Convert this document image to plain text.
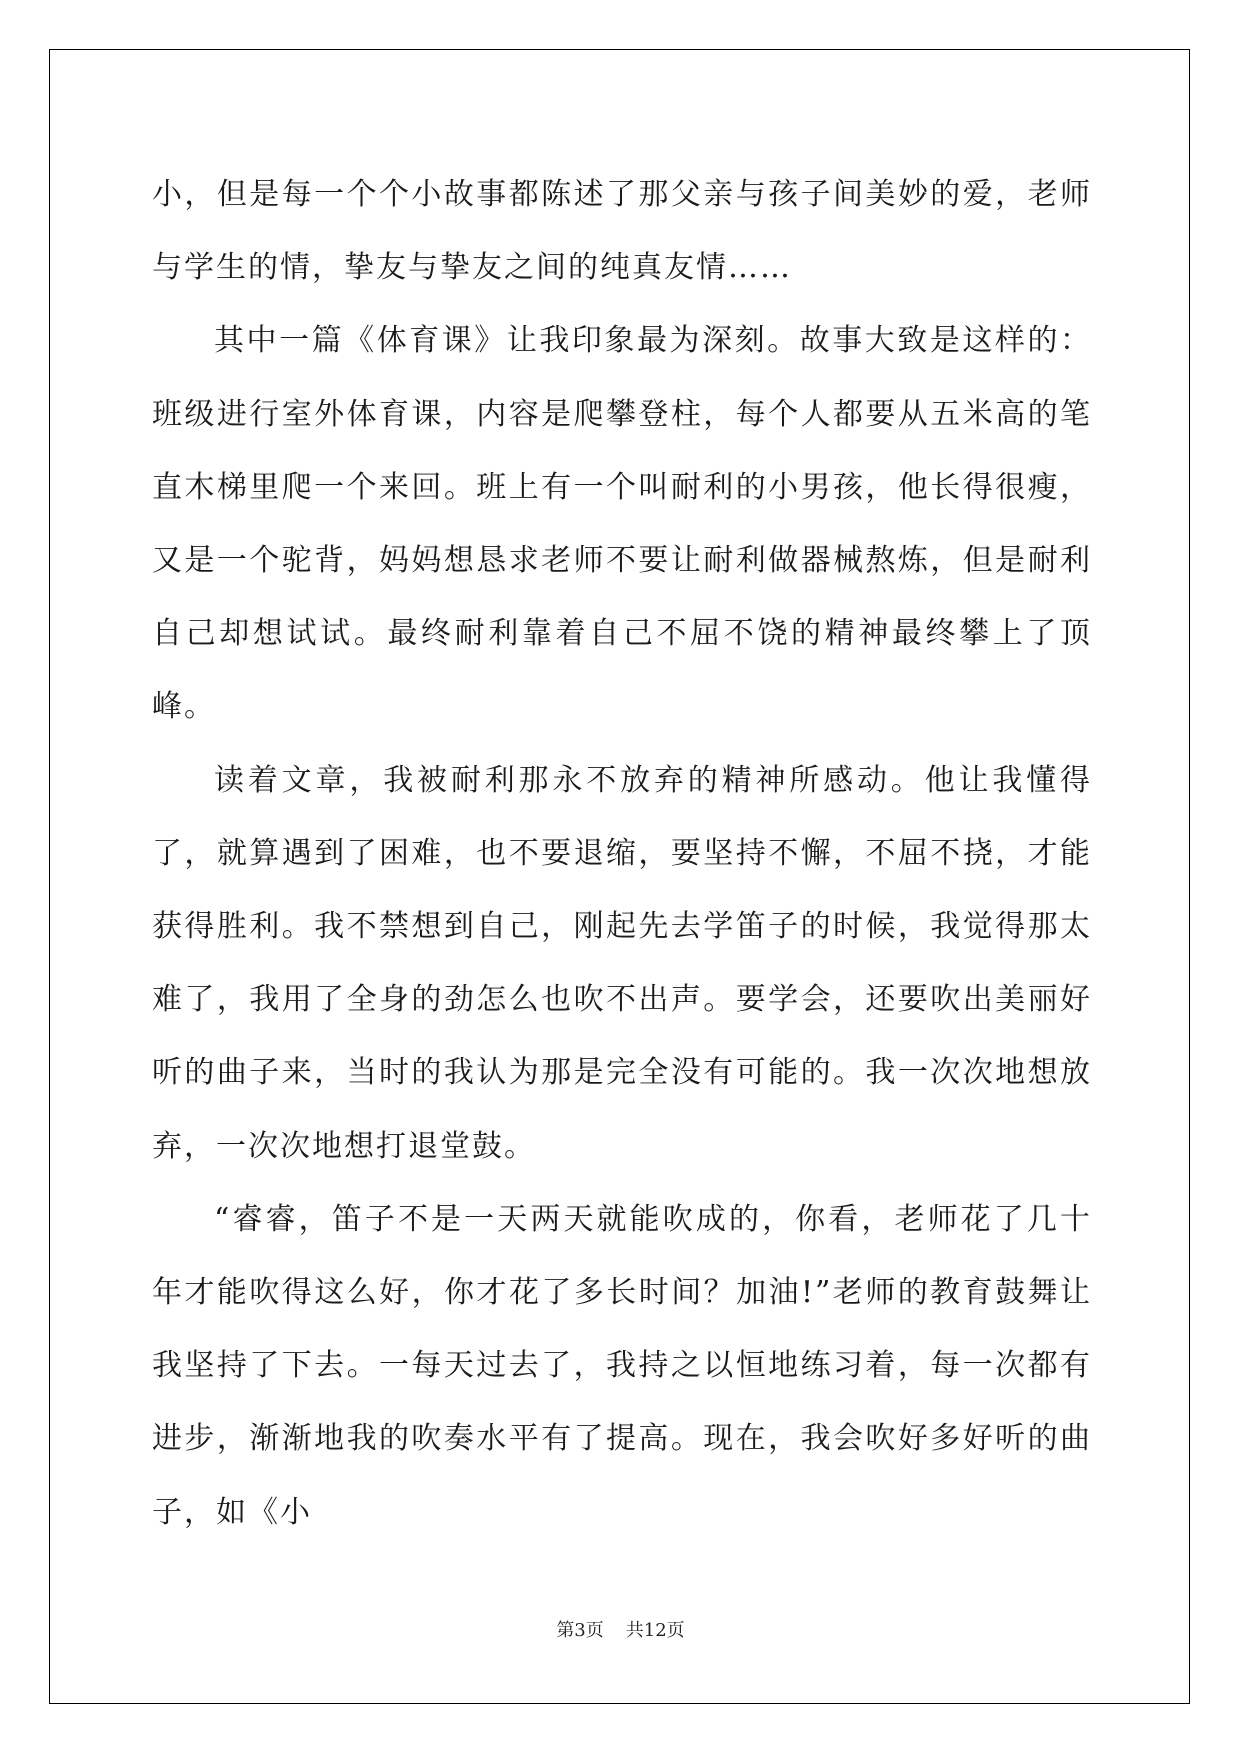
小，但是每一个个小故事都陈述了那父亲与孩子间美妙的爱，老师与学生的情，挚友与挚友之间的纯真友情……

其中一篇《体育课》让我印象最为深刻。故事大致是这样的：班级进行室外体育课，内容是爬攀登柱，每个人都要从五米高的笔直木梯里爬一个来回。班上有一个叫耐利的小男孩，他长得很瘦，又是一个驼背，妈妈想恳求老师不要让耐利做器械熬炼，但是耐利自己却想试试。最终耐利靠着自己不屈不饶的精神最终攀上了顶峰。

读着文章，我被耐利那永不放弃的精神所感动。他让我懂得了，就算遇到了困难，也不要退缩，要坚持不懈，不屈不挠，才能获得胜利。我不禁想到自己，刚起先去学笛子的时候，我觉得那太难了，我用了全身的劲怎么也吹不出声。要学会，还要吹出美丽好听的曲子来，当时的我认为那是完全没有可能的。我一次次地想放弃，一次次地想打退堂鼓。

“睿睿，笛子不是一天两天就能吹成的，你看，老师花了几十年才能吹得这么好，你才花了多长时间？加油!”老师的教育鼓舞让我坚持了下去。一每天过去了，我持之以恒地练习着，每一次都有进步，渐渐地我的吹奏水平有了提高。现在，我会吹好多好听的曲子，如《小

第3页 共12页
